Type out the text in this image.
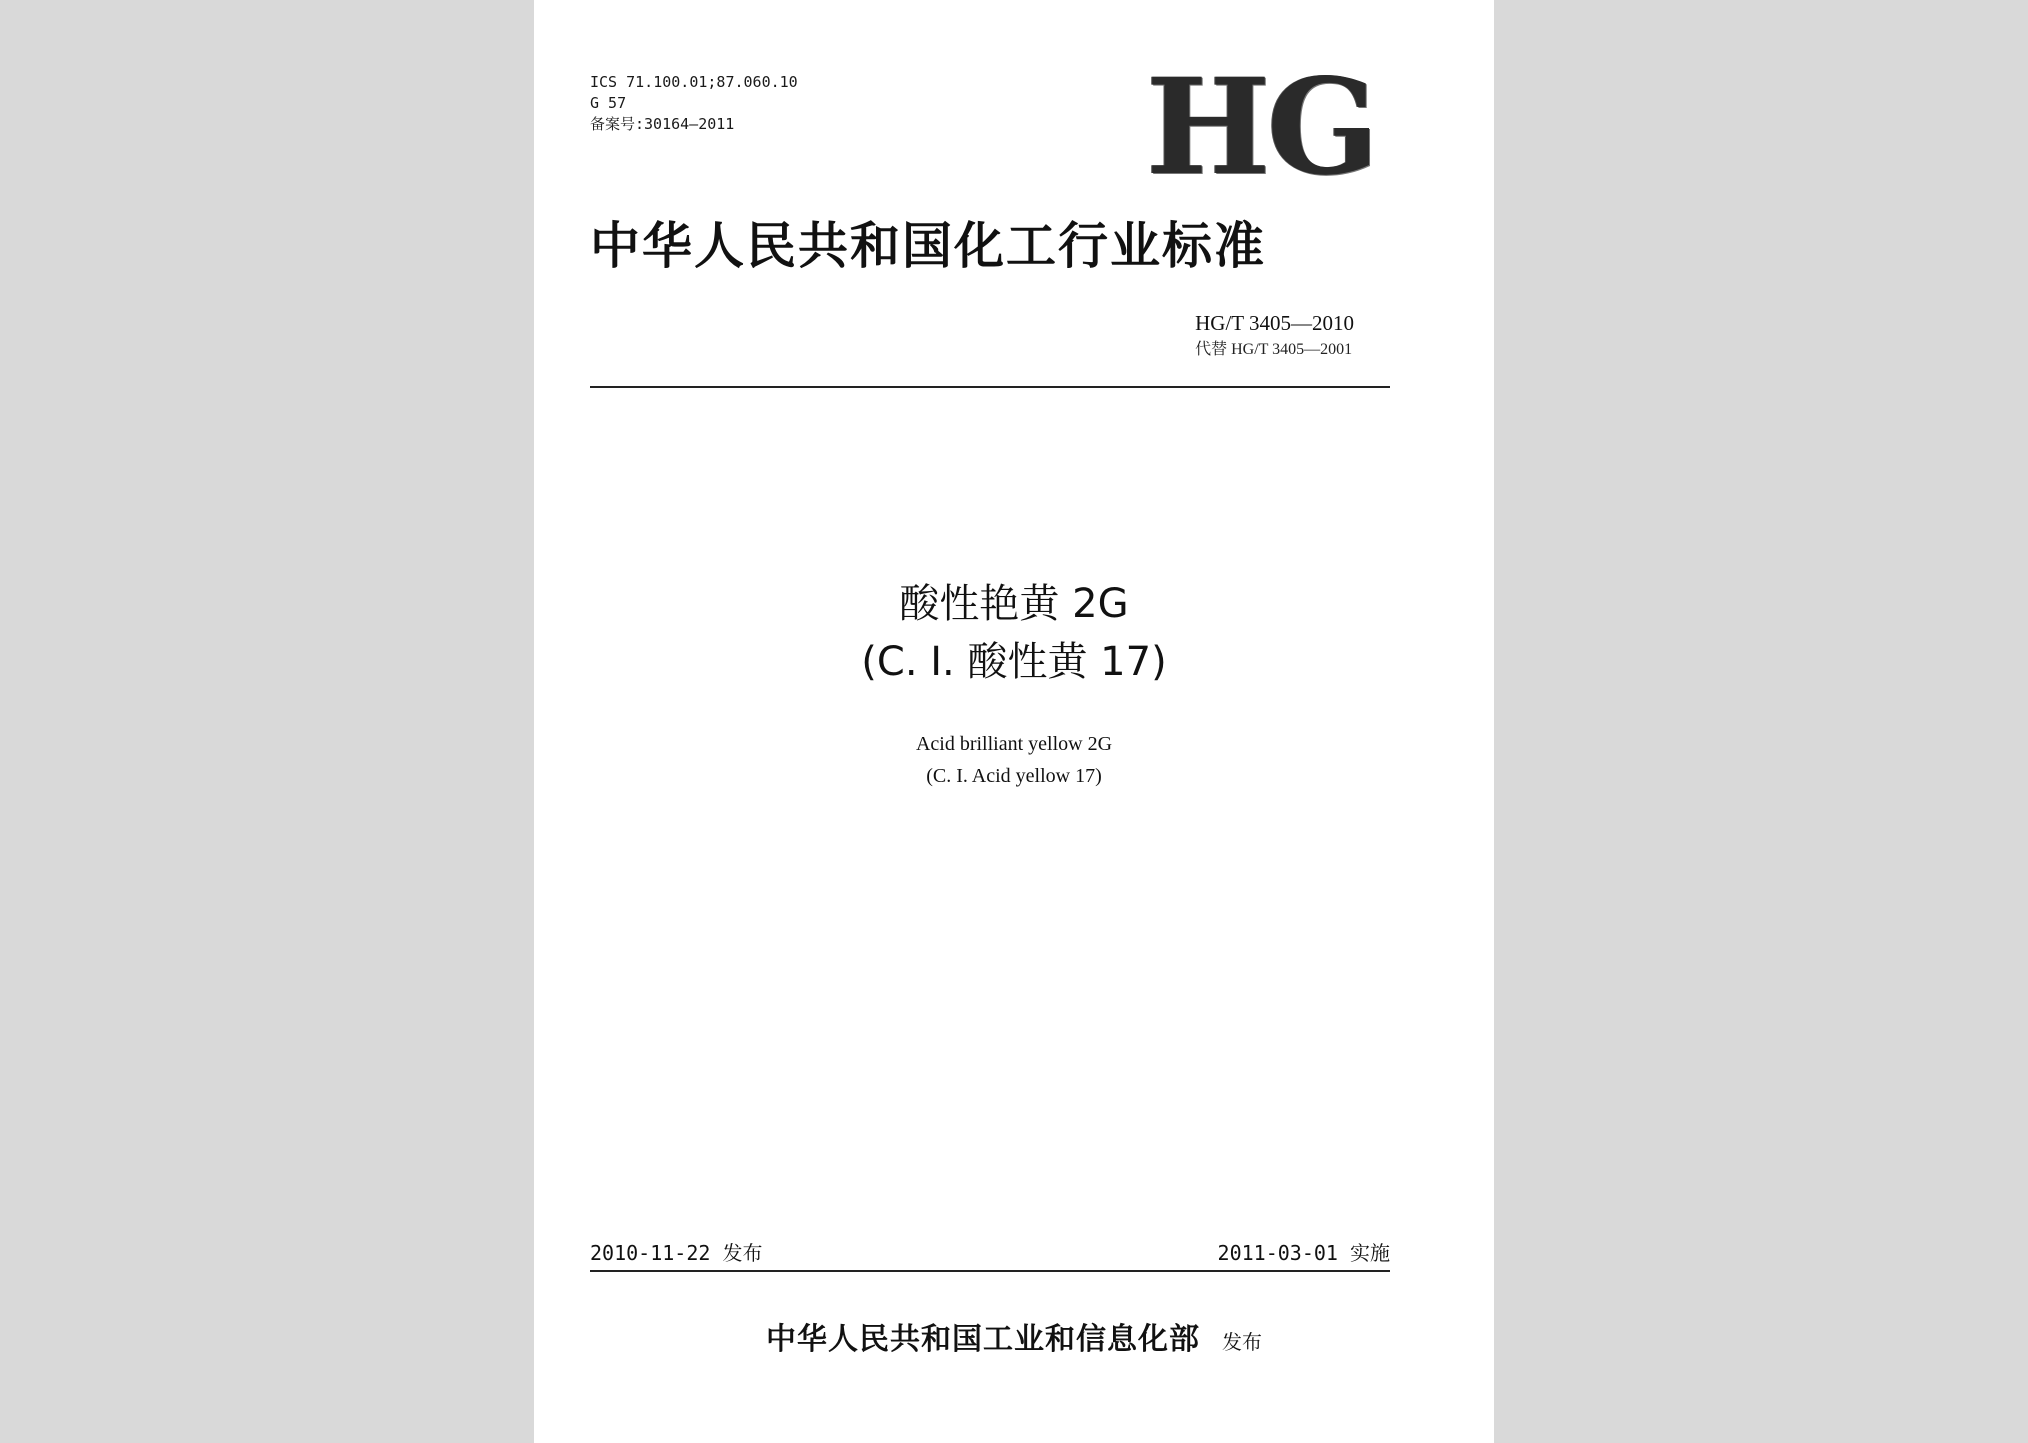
ICS 71.100.01;87.060.10
G 57
备案号:30164—2011	HG
中华人民共和国化工行业标准
HG/T 3405—2010
代替 HG/T 3405—2001
酸性艳黄 2G
(C. I. 酸性黄 17)
Acid brilliant yellow 2G
(C. I. Acid yellow 17)
2010-11-22 发布	2011-03-01 实施
中华人民共和国工业和信息化部 发布
